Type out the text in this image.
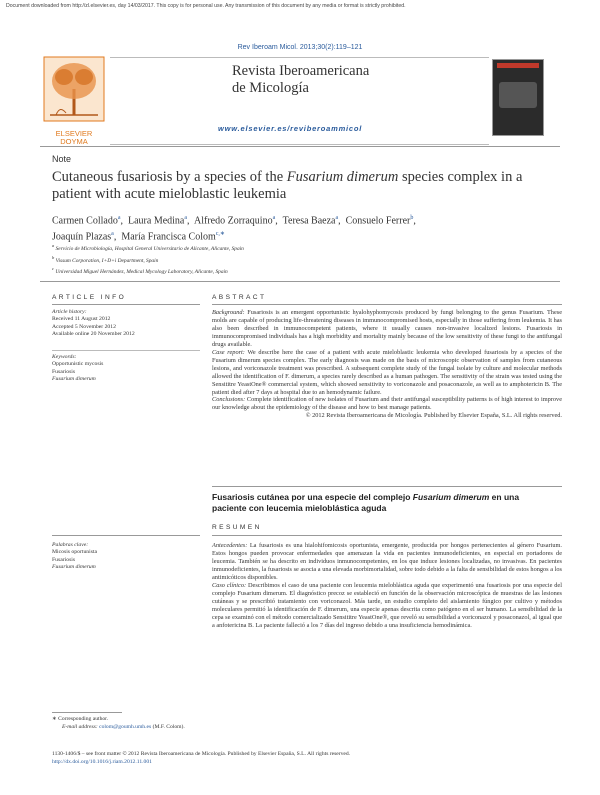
Document downloaded from http://zl.elsevier.es, day 14/03/2017. This copy is for personal use. Any transmission of this document by any media or format is strictly prohibited.
Rev Iberoam Micol. 2013;30(2):119–121
ELSEVIER
DOYMA
Revista Iberoamericana
de Micología
www.elsevier.es/reviberoammicol
Note
Cutaneous fusariosis by a species of the Fusarium dimerum species complex in a patient with acute mieloblastic leukemia
Carmen Collado$^a$,  Laura Medina$^a$,  Alfredo Zorraquino$^a$,  Teresa Baeza$^a$,  Consuelo Ferrer$^b$,
Joaquín Plazas$^a$,  María Francisca Colom$^{c,∗}$
$^a$ Servicio de Microbiología, Hospital General Universitario de Alicante, Alicante, Spain
$^b$ Vissum Corporation, I+D+i Department, Spain
$^c$ Universidad Miguel Hernández, Medical Mycology Laboratory, Alicante, Spain
ARTICLE INFO
Article history:
Received 11 August 2012
Accepted 5 November 2012
Available online 20 November 2012
Keywords:
Opportunistic mycosis
Fusariosis
Fusarium dimerum
ABSTRACT

Background: Fusariosis is an emergent opportunistic hyalohyphomycosis produced by fungi belonging to the genus Fusarium. These molds are capable of producing life-threatening diseases in immunocompromised hosts, especially in those suffering from leukemia. It has also been described in immunocompetent patients, where it usually causes non-invasive localized lesions. Fusariosis in immunocompromised individuals has a high morbidity and mortality mainly because of the low sensitivity of these fungi to the antifungal drugs available.

Case report: We describe here the case of a patient with acute mieloblastic leukemia who developed fusariosis by a species of the Fusarium dimerum species complex. The early diagnosis was made on the basis of microscopic observation of samples from cutaneous lesions, and voriconazole treatment was prescribed. A subsequent complete study of the fungal isolate by culture and molecular methods allowed the identification of F. dimerum, a species rarely described as a human pathogen. The sensitivity of the strain was tested using the Sensititre YeastOne® commercial system, which showed sensitivity to voriconazole and posaconazole, as well as to amphotericin B. The patient died after 7 days at hospital due to an hemodynamic failure.

Conclusions: Complete identification of new isolates of Fusarium and their antifungal susceptibility patterns is of high interest to improve our knowledge about the epidemiology of the disease and how to best manage patients.

© 2012 Revista Iberoamericana de Micología. Published by Elsevier España, S.L. All rights reserved.

Fusariosis cutánea por una especie del complejo Fusarium dimerum en una paciente con leucemia mieloblástica aguda
RESUMEN
Palabras clave:
Micosis oportunista
Fusariosis
Fusarium dimerum

Antecedentes: La fusariosis es una hialohifomicosis oportunista, emergente, producida por hongos pertenecientes al género Fusarium. Estos hongos pueden provocar enfermedades que amenazan la vida en pacientes inmunodeficientes, en especial en portadores de leucemia. También se ha descrito en individuos inmunocompetentes, en los que induce lesiones localizadas, no invasivas. En pacientes inmunodeficientes, la fusariosis se asocia a una elevada morbimortalidad, sobre todo debido a la falta de sensibilidad de estos hongos a los antimicóticos disponibles.

Caso clínico: Describimos el caso de una paciente con leucemia mieloblástica aguda que experimentó una fusariosis por una especie del complejo Fusarium dimerum. El diagnóstico precoz se estableció en función de la observación microscópica de muestras de las lesiones cutáneas y se prescribió tratamiento con voriconazol. Más tarde, un estudio completo del aislamiento fúngico por cultivo y métodos moleculares permitió la identificación de F. dimerum, una especie apenas descrita como patógeno en el ser humano. La sensibilidad de la cepa se examinó con el método comercializado Sensititre YeastOne®, que reveló su sensibilidad a voriconazol y posaconazol, al igual que a anfotericina B. La paciente falleció a los 7 días del ingreso debido a una insuficiencia hemodinámica.

∗ Corresponding author.
E-mail address: colom@goumh.umh.es (M.F. Colom).
1130-1406/$ – see front matter © 2012 Revista Iberoamericana de Micología. Published by Elsevier España, S.L. All rights reserved.
http://dx.doi.org/10.1016/j.riam.2012.11.001
